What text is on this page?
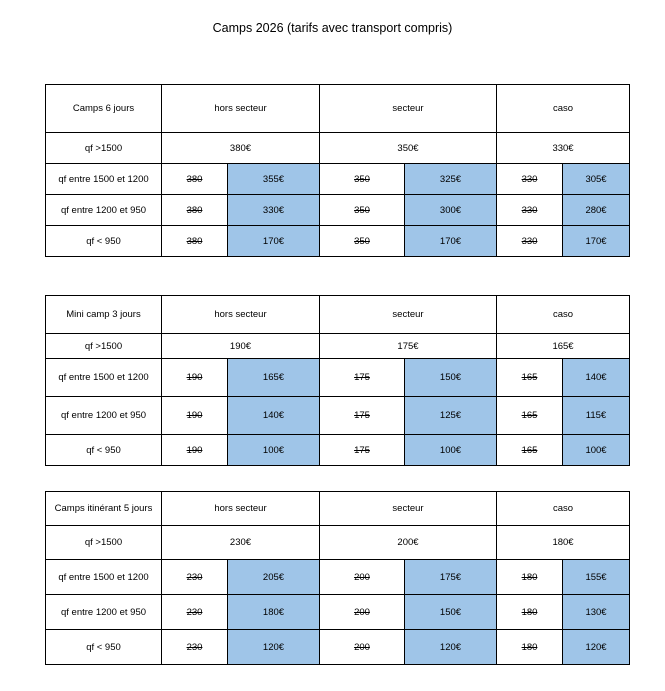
Camps 2026 (tarifs avec transport compris)
Camps 6 jours	hors secteur		secteur		caso	
qf >1500	380€		350€		330€	
qf entre 1500 et 1200	380	355€	350	325€	330	305€
qf entre 1200 et 950	380	330€	350	300€	330	280€
qf < 950	380	170€	350	170€	330	170€
Mini camp 3 jours	hors secteur		secteur		caso	
qf >1500	190€		175€		165€	
qf entre 1500 et 1200	190	165€	175	150€	165	140€
qf entre 1200 et 950	190	140€	175	125€	165	115€
qf < 950	190	100€	175	100€	165	100€
Camps itinérant 5 jours	hors secteur		secteur		caso	
qf >1500	230€		200€		180€	
qf entre 1500 et 1200	230	205€	200	175€	180	155€
qf entre 1200 et 950	230	180€	200	150€	180	130€
qf < 950	230	120€	200	120€	180	120€
